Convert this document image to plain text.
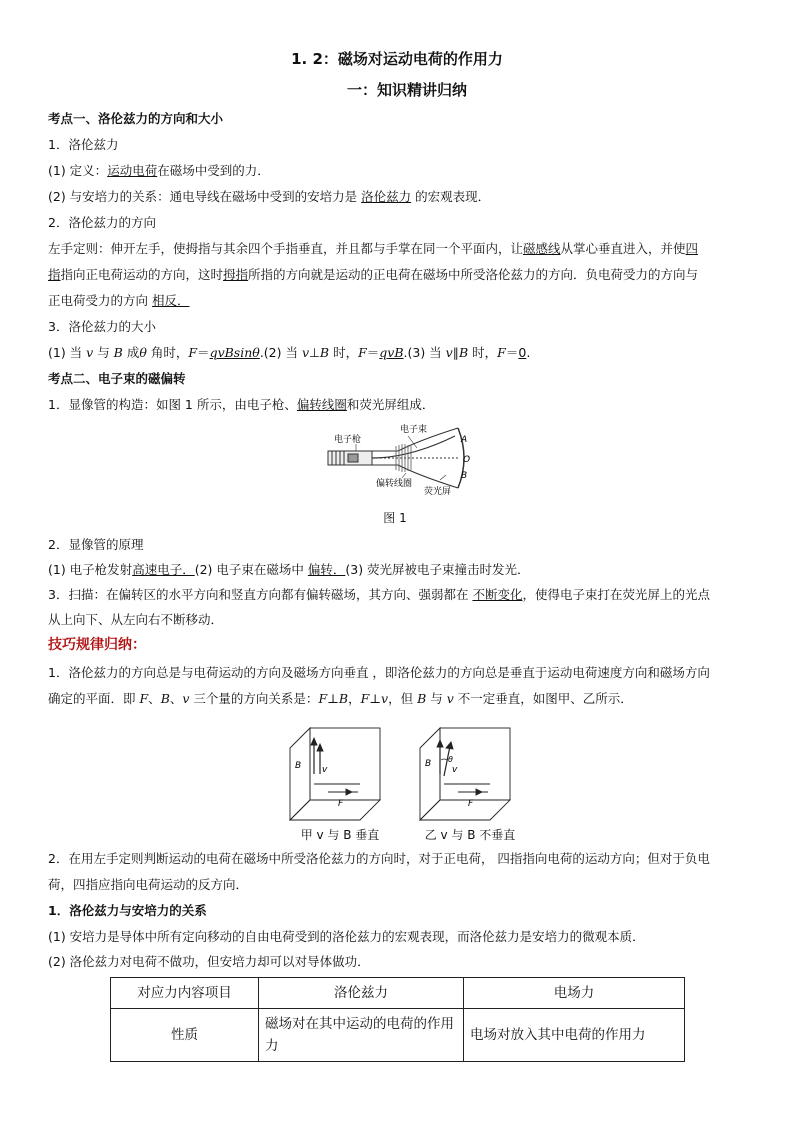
1. 2：磁场对运动电荷的作用力
一：知识精讲归纳
考点一、洛伦兹力的方向和大小
1．洛伦兹力
(1) 定义：运动电荷在磁场中受到的力．
(2) 与安培力的关系：通电导线在磁场中受到的安培力是 洛伦兹力 的宏观表现．
2．洛伦兹力的方向
左手定则：伸开左手，使拇指与其余四个手指垂直，并且都与手掌在同一个平面内，让磁感线从掌心垂直进入，并使四
指指向正电荷运动的方向，这时拇指所指的方向就是运动的正电荷在磁场中所受洛伦兹力的方向．负电荷受力的方向与
正电荷受力的方向 相反．
3．洛伦兹力的大小
(1) 当 v 与 B 成θ 角时，F＝qvBsinθ.(2) 当 v⊥B 时，F＝qvB.(3) 当 v∥B 时，F＝0.
考点二、电子束的磁偏转
1．显像管的构造：如图 1 所示，由电子枪、偏转线圈和荧光屏组成．
电子枪
电子束
偏转线圈
荧光屏
A
O
B
图 1
2．显像管的原理
(1) 电子枪发射高速电子．(2) 电子束在磁场中 偏转．(3) 荧光屏被电子束撞击时发光．
3．扫描：在偏转区的水平方向和竖直方向都有偏转磁场，其方向、强弱都在 不断变化，使得电子束打在荧光屏上的光点
从上向下、从左向右不断移动．
技巧规律归纳：
1．洛伦兹力的方向总是与电荷运动的方向及磁场方向垂直 ，即洛伦兹力的方向总是垂直于运动电荷速度方向和磁场方向
确定的平面．即 F、B、v 三个量的方向关系是：F⊥B，F⊥v，但 B 与 v 不一定垂直，如图甲、乙所示．
B v
F
甲 v 与 B 垂直
B θ
v
F
乙 v 与 B 不垂直
2．在用左手定则判断运动的电荷在磁场中所受洛伦兹力的方向时，对于正电荷， 四指指向电荷的运动方向；但对于负电
荷，四指应指向电荷运动的反方向．
1．洛伦兹力与安培力的关系
(1) 安培力是导体中所有定向移动的自由电荷受到的洛伦兹力的宏观表现，而洛伦兹力是安培力的微观本质．
(2) 洛伦兹力对电荷不做功，但安培力却可以对导体做功．
对应力内容项目	洛伦兹力	电场力
性质	磁场对在其中运动的电荷的作用力	电场对放入其中电荷的作用力
